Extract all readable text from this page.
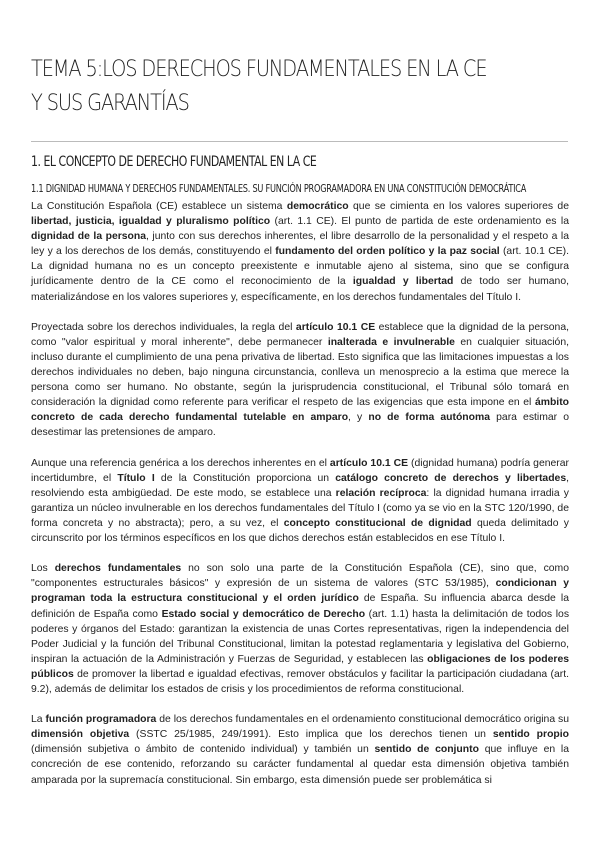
TEMA 5:LOS DERECHOS FUNDAMENTALES EN LA CE Y SUS GARANTÍAS
1. EL CONCEPTO DE DERECHO FUNDAMENTAL EN LA CE
1.1 DIGNIDAD HUMANA Y DERECHOS FUNDAMENTALES. SU FUNCIÓN PROGRAMADORA EN UNA CONSTITUCIÓN DEMOCRÁTICA

La Constitución Española (CE) establece un sistema democrático que se cimienta en los valores superiores de libertad, justicia, igualdad y pluralismo político (art. 1.1 CE). El punto de partida de este ordenamiento es la dignidad de la persona, junto con sus derechos inherentes, el libre desarrollo de la personalidad y el respeto a la ley y a los derechos de los demás, constituyendo el fundamento del orden político y la paz social (art. 10.1 CE). La dignidad humana no es un concepto preexistente e inmutable ajeno al sistema, sino que se configura jurídicamente dentro de la CE como el reconocimiento de la igualdad y libertad de todo ser humano, materializándose en los valores superiores y, específicamente, en los derechos fundamentales del Título I.

Proyectada sobre los derechos individuales, la regla del artículo 10.1 CE establece que la dignidad de la persona, como "valor espiritual y moral inherente", debe permanecer inalterada e invulnerable en cualquier situación, incluso durante el cumplimiento de una pena privativa de libertad. Esto significa que las limitaciones impuestas a los derechos individuales no deben, bajo ninguna circunstancia, conlleva un menosprecio a la estima que merece la persona como ser humano. No obstante, según la jurisprudencia constitucional, el Tribunal sólo tomará en consideración la dignidad como referente para verificar el respeto de las exigencias que esta impone en el ámbito concreto de cada derecho fundamental tutelable en amparo, y no de forma autónoma para estimar o desestimar las pretensiones de amparo.

Aunque una referencia genérica a los derechos inherentes en el artículo 10.1 CE (dignidad humana) podría generar incertidumbre, el Título I de la Constitución proporciona un catálogo concreto de derechos y libertades, resolviendo esta ambigüedad. De este modo, se establece una relación recíproca: la dignidad humana irradia y garantiza un núcleo invulnerable en los derechos fundamentales del Título I (como ya se vio en la STC 120/1990, de forma concreta y no abstracta); pero, a su vez, el concepto constitucional de dignidad queda delimitado y circunscrito por los términos específicos en los que dichos derechos están establecidos en ese Título I.

Los derechos fundamentales no son solo una parte de la Constitución Española (CE), sino que, como "componentes estructurales básicos" y expresión de un sistema de valores (STC 53/1985), condicionan y programan toda la estructura constitucional y el orden jurídico de España. Su influencia abarca desde la definición de España como Estado social y democrático de Derecho (art. 1.1) hasta la delimitación de todos los poderes y órganos del Estado: garantizan la existencia de unas Cortes representativas, rigen la independencia del Poder Judicial y la función del Tribunal Constitucional, limitan la potestad reglamentaria y legislativa del Gobierno, inspiran la actuación de la Administración y Fuerzas de Seguridad, y establecen las obligaciones de los poderes públicos de promover la libertad e igualdad efectivas, remover obstáculos y facilitar la participación ciudadana (art. 9.2), además de delimitar los estados de crisis y los procedimientos de reforma constitucional.

La función programadora de los derechos fundamentales en el ordenamiento constitucional democrático origina su dimensión objetiva (SSTC 25/1985, 249/1991). Esto implica que los derechos tienen un sentido propio (dimensión subjetiva o ámbito de contenido individual) y también un sentido de conjunto que influye en la concreción de ese contenido, reforzando su carácter fundamental al quedar esta dimensión objetiva también amparada por la supremacía constitucional. Sin embargo, esta dimensión puede ser problemática si
